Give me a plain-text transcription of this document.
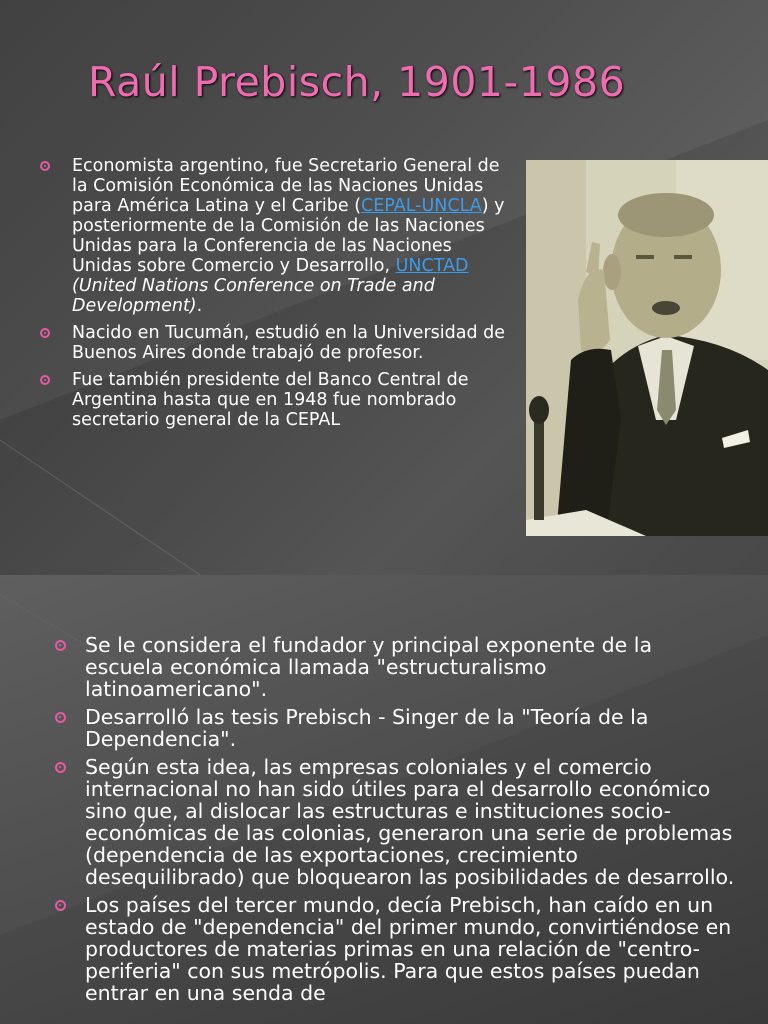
Raúl Prebisch, 1901-1986
Economista argentino, fue Secretario General de la Comisión Económica de las Naciones Unidas para América Latina y el Caribe (CEPAL-UNCLA) y posteriormente de la Comisión de las Naciones Unidas para la Conferencia de las Naciones Unidas sobre Comercio y Desarrollo, UNCTAD (United Nations Conference on Trade and Development).
Nacido en Tucumán, estudió en la Universidad de Buenos Aires donde trabajó de profesor.
Fue también presidente del Banco Central de Argentina hasta que en 1948 fue nombrado secretario general de la CEPAL
Se le considera el fundador y principal exponente de la escuela económica llamada "estructuralismo latinoamericano".
Desarrolló las tesis Prebisch - Singer de la "Teoría de la Dependencia".
Según esta idea, las empresas coloniales y el comercio internacional no han sido útiles para el desarrollo económico sino que, al dislocar las estructuras e instituciones socio-económicas de las colonias, generaron una serie de problemas (dependencia de las exportaciones, crecimiento desequilibrado) que bloquearon las posibilidades de desarrollo.
Los países del tercer mundo, decía Prebisch, han caído en un estado de "dependencia" del primer mundo, convirtiéndose en productores de materias primas en una relación de "centro-periferia" con sus metrópolis. Para que estos países puedan entrar en una senda de
